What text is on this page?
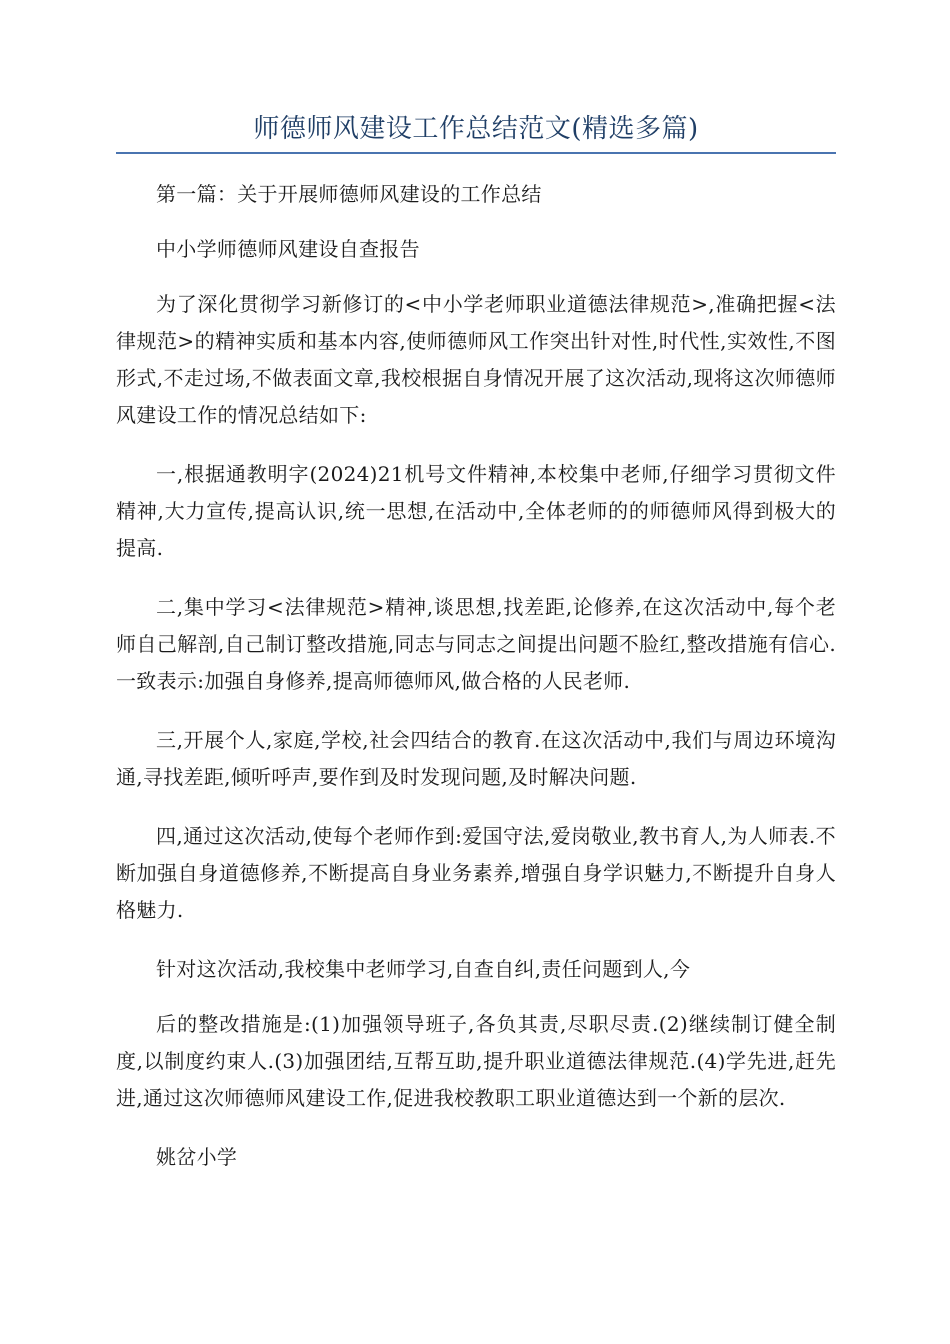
师德师风建设工作总结范文(精选多篇)

第一篇：关于开展师德师风建设的工作总结

中小学师德师风建设自查报告

为了深化贯彻学习新修订的<中小学老师职业道德法律规范>,准确把握<法律规范>的精神实质和基本内容,使师德师风工作突出针对性,时代性,实效性,不图形式,不走过场,不做表面文章,我校根据自身情况开展了这次活动,现将这次师德师风建设工作的情况总结如下:

一,根据通教明字(2024)21机号文件精神,本校集中老师,仔细学习贯彻文件精神,大力宣传,提高认识,统一思想,在活动中,全体老师的的师德师风得到极大的提高.

二,集中学习<法律规范>精神,谈思想,找差距,论修养,在这次活动中,每个老师自己解剖,自己制订整改措施,同志与同志之间提出问题不脸红,整改措施有信心.一致表示:加强自身修养,提高师德师风,做合格的人民老师.

三,开展个人,家庭,学校,社会四结合的教育.在这次活动中,我们与周边环境沟通,寻找差距,倾听呼声,要作到及时发现问题,及时解决问题.

四,通过这次活动,使每个老师作到:爱国守法,爱岗敬业,教书育人,为人师表.不断加强自身道德修养,不断提高自身业务素养,增强自身学识魅力,不断提升自身人格魅力.

针对这次活动,我校集中老师学习,自查自纠,责任问题到人,今

后的整改措施是:(1)加强领导班子,各负其责,尽职尽责.(2)继续制订健全制度,以制度约束人.(3)加强团结,互帮互助,提升职业道德法律规范.(4)学先进,赶先进,通过这次师德师风建设工作,促进我校教职工职业道德达到一个新的层次.

姚岔小学
